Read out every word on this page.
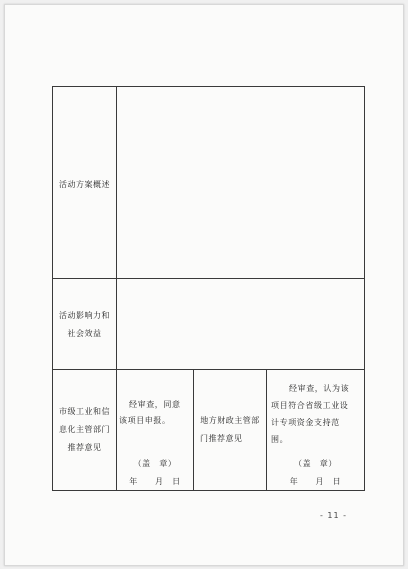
活动方案概述
活动影响力和
社会效益
市级工业和信
息化主管部门
推荐意见
经审查，同意
该项目申报。
（盖　章）
年　　月　日
地方财政主管部
门推荐意见
经审查，认为该
项目符合省级工业设
计专项资金支持范
围。
（盖　章）
年　　月　日
- 11 -
